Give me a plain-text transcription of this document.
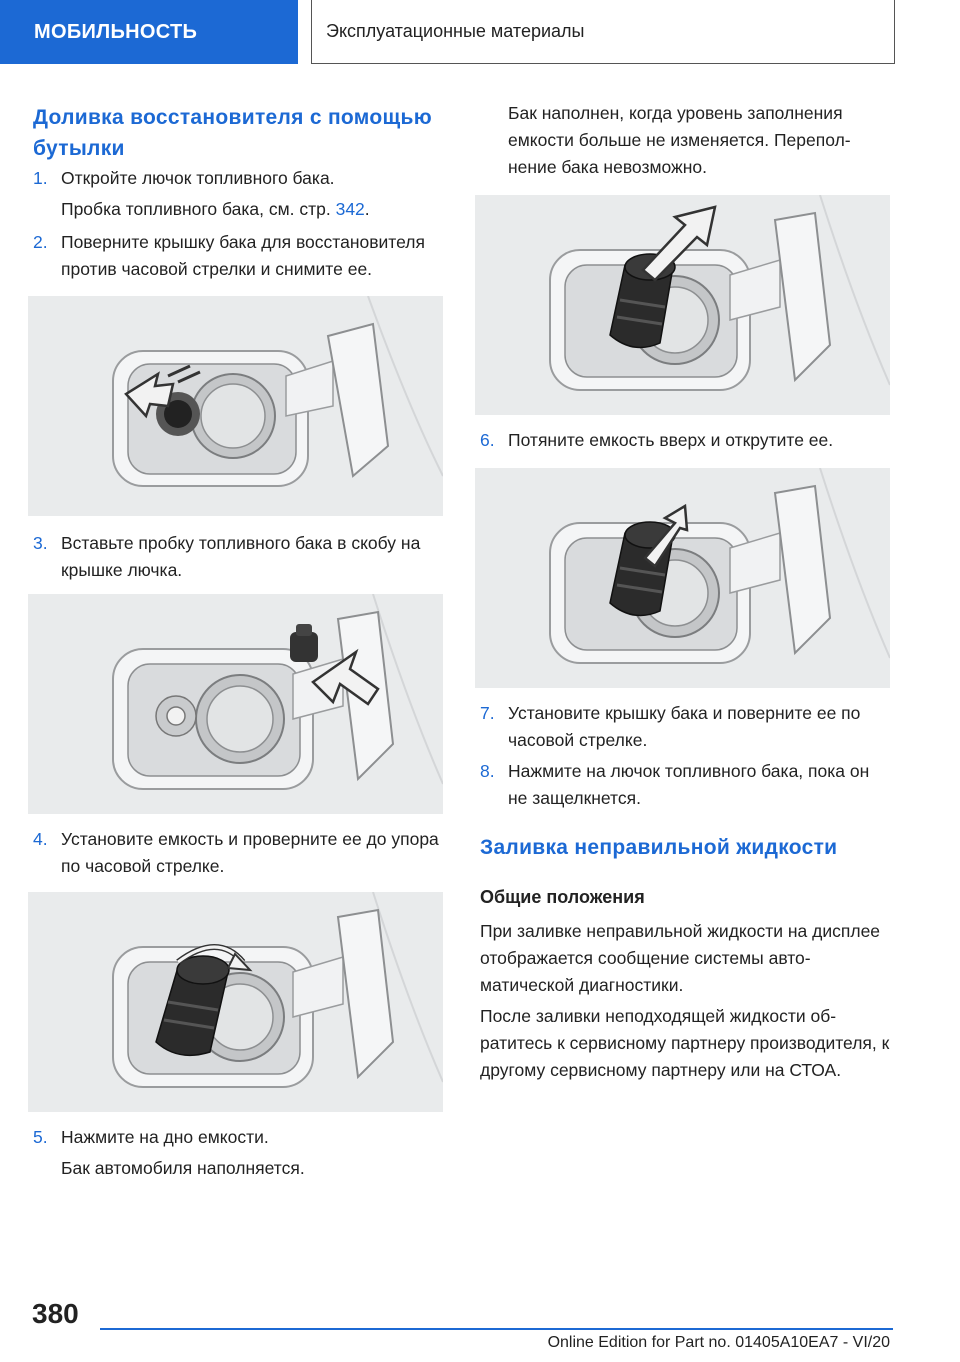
МОБИЛЬНОСТЬ	Эксплуатационные материалы
Доливка восстановителя с помощью бутылки
1. Откройте лючок топливного бака.
Пробка топливного бака, см. стр. 342.
2. Поверните крышку бака для восстановителя против часовой стрелки и снимите ее.
3. Вставьте пробку топливного бака в скобу на крышке лючка.
4. Установите емкость и проверните ее до упора по часовой стрелке.
5. Нажмите на дно емкости.
Бак автомобиля наполняется.
Бак наполнен, когда уровень заполнения емкости больше не изменяется. Переполнение бака невозможно.
6. Потяните емкость вверх и открутите ее.
7. Установите крышку бака и поверните ее по часовой стрелке.
8. Нажмите на лючок топливного бака, пока он не защелкнется.
Заливка неправильной жидкости
Общие положения
При заливке неправильной жидкости на дисплее отображается сообщение системы автоматической диагностики.
После заливки неподходящей жидкости обратитесь к сервисному партнеру производителя, к другому сервисному партнеру или на СТОА.
380
Online Edition for Part no. 01405A10EA7 - VI/20
